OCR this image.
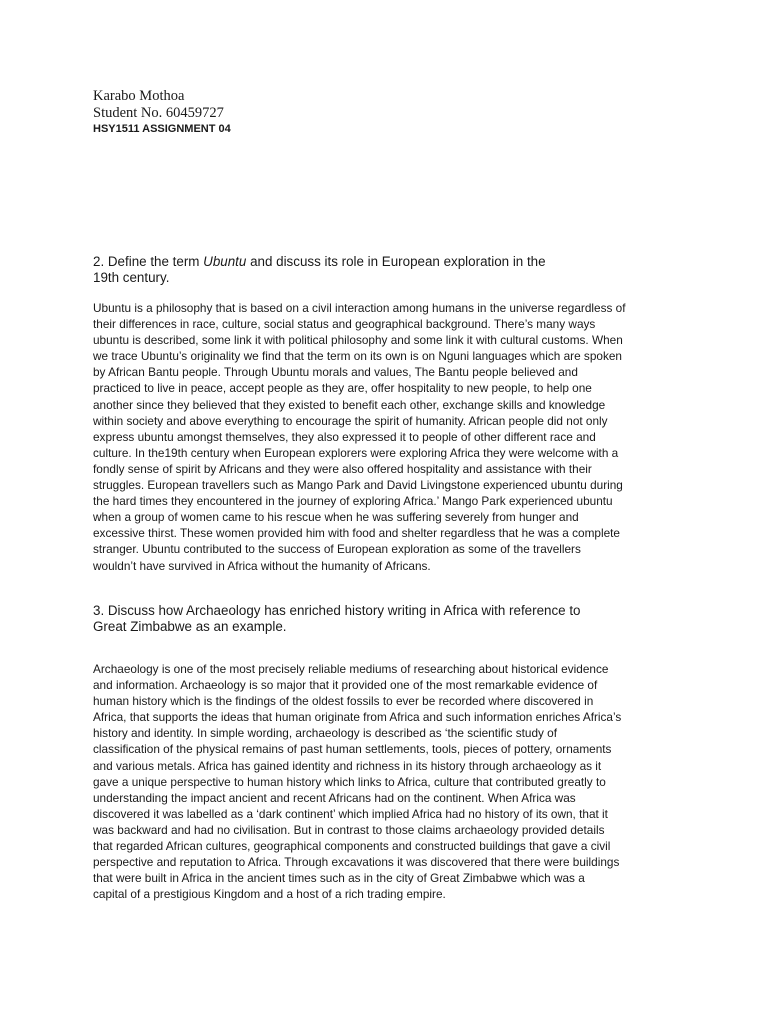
Karabo Mothoa
Student No. 60459727
HSY1511 ASSIGNMENT 04
2. Define the term Ubuntu and discuss its role in European exploration in the
19th century.
Ubuntu is a philosophy that is based on a civil interaction among humans in the universe regardless of
their differences in race, culture, social status and geographical background. There’s many ways
ubuntu is described, some link it with political philosophy and some link it with cultural customs. When
we trace Ubuntu’s originality we find that the term on its own is on Nguni languages which are spoken
by African Bantu people. Through Ubuntu morals and values, The Bantu people believed and
practiced to live in peace, accept people as they are, offer hospitality to new people, to help one
another since they believed that they existed to benefit each other, exchange skills and knowledge
within society and above everything to encourage the spirit of humanity. African people did not only
express ubuntu amongst themselves, they also expressed it to people of other different race and
culture. In the19th century when European explorers were exploring Africa they were welcome with a
fondly sense of spirit by Africans and they were also offered hospitality and assistance with their
struggles. European travellers such as Mango Park and David Livingstone experienced ubuntu during
the hard times they encountered in the journey of exploring Africa.’ Mango Park experienced ubuntu
when a group of women came to his rescue when he was suffering severely from hunger and
excessive thirst. These women provided him with food and shelter regardless that he was a complete
stranger. Ubuntu contributed to the success of European exploration as some of the travellers
wouldn’t have survived in Africa without the humanity of Africans.
3. Discuss how Archaeology has enriched history writing in Africa with reference to
Great Zimbabwe as an example.
Archaeology is one of the most precisely reliable mediums of researching about historical evidence
and information. Archaeology is so major that it provided one of the most remarkable evidence of
human history which is the findings of the oldest fossils to ever be recorded where discovered in
Africa, that supports the ideas that human originate from Africa and such information enriches Africa’s
history and identity. In simple wording, archaeology is described as ‘the scientific study of
classification of the physical remains of past human settlements, tools, pieces of pottery, ornaments
and various metals. Africa has gained identity and richness in its history through archaeology as it
gave a unique perspective to human history which links to Africa, culture that contributed greatly to
understanding the impact ancient and recent Africans had on the continent. When Africa was
discovered it was labelled as a ‘dark continent’ which implied Africa had no history of its own, that it
was backward and had no civilisation. But in contrast to those claims archaeology provided details
that regarded African cultures, geographical components and constructed buildings that gave a civil
perspective and reputation to Africa. Through excavations it was discovered that there were buildings
that were built in Africa in the ancient times such as in the city of Great Zimbabwe which was a
capital of a prestigious Kingdom and a host of a rich trading empire.
